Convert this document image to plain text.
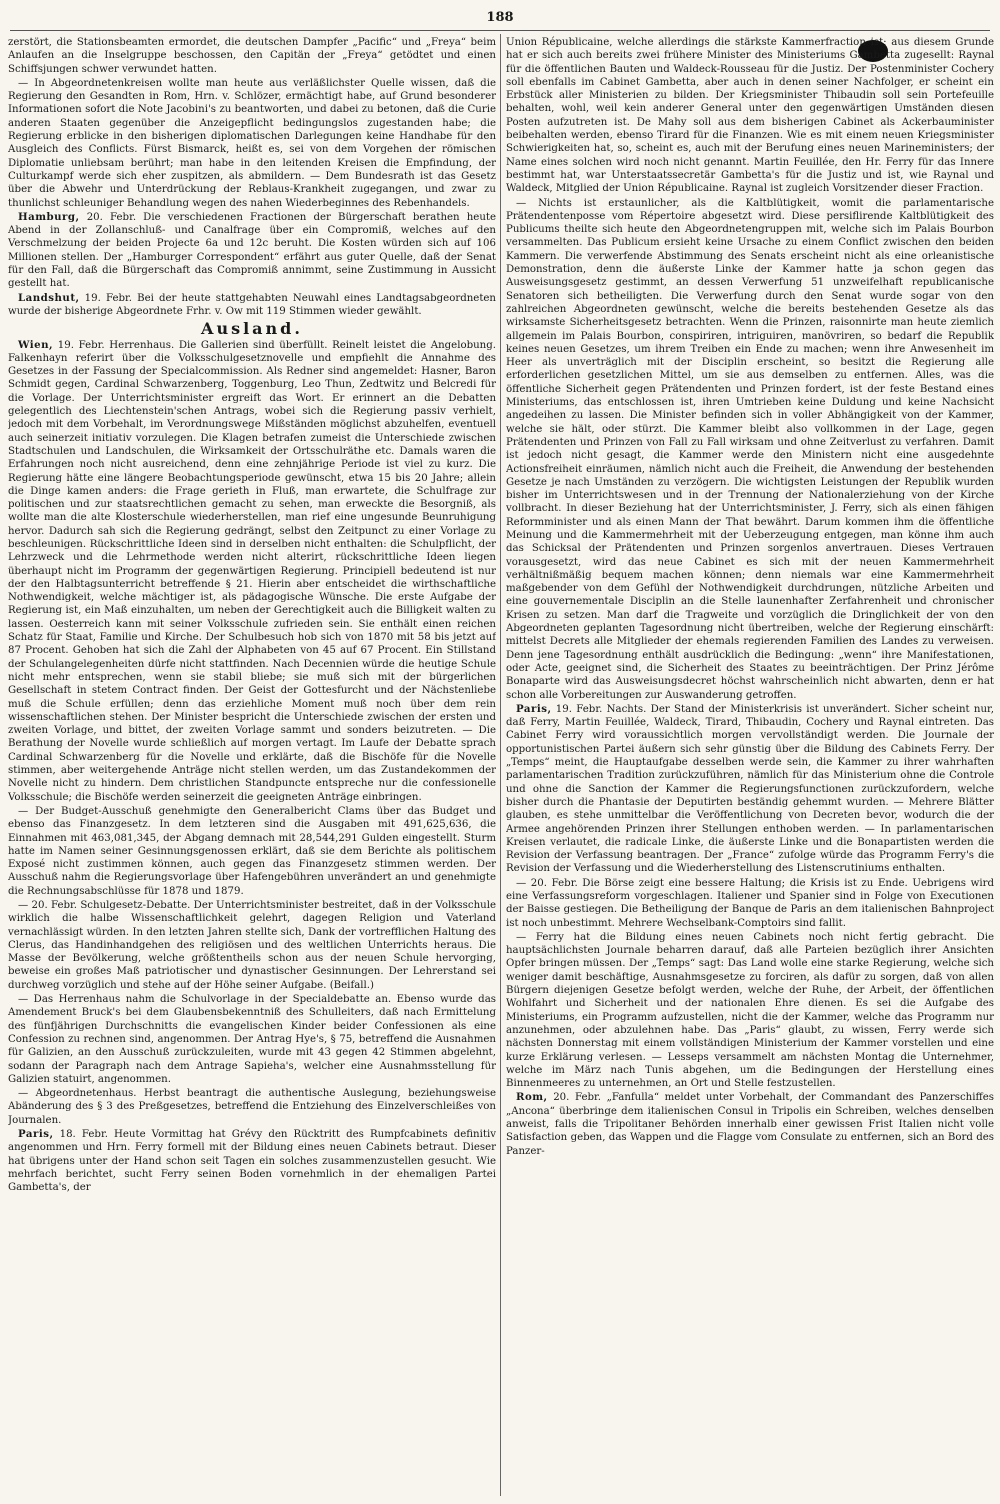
188

zerstört, die Stationsbeamten ermordet, die deutschen Dampfer „Pacific“ und „Freya“ beim Anlaufen an die Inselgruppe beschossen, den Capitän der „Freya“ getödtet und einen Schiffsjungen schwer verwundet hatten.

— In Abgeordnetenkreisen wollte man heute aus verläßlichster Quelle wissen, daß die Regierung den Gesandten in Rom, Hrn. v. Schlözer, ermächtigt habe, auf Grund besonderer Informationen sofort die Note Jacobini's zu beantworten, und dabei zu betonen, daß die Curie anderen Staaten gegenüber die Anzeigepflicht bedingungslos zugestanden habe; die Regierung erblicke in den bisherigen diplomatischen Darlegungen keine Handhabe für den Ausgleich des Conflicts. Fürst Bismarck, heißt es, sei von dem Vorgehen der römischen Diplomatie unliebsam berührt; man habe in den leitenden Kreisen die Empfindung, der Culturkampf werde sich eher zuspitzen, als abmildern. — Dem Bundesrath ist das Gesetz über die Abwehr und Unterdrückung der Reblaus-Krankheit zugegangen, und zwar zu thunlichst schleuniger Behandlung wegen des nahen Wiederbeginnes des Rebenhandels.

Hamburg, 20. Febr. Die verschiedenen Fractionen der Bürgerschaft berathen heute Abend in der Zollanschluß- und Canalfrage über ein Compromiß, welches auf den Verschmelzung der beiden Projecte 6a und 12c beruht. Die Kosten würden sich auf 106 Millionen stellen. Der „Hamburger Correspondent“ erfährt aus guter Quelle, daß der Senat für den Fall, daß die Bürgerschaft das Compromiß annimmt, seine Zustimmung in Aussicht gestellt hat.

Landshut, 19. Febr. Bei der heute stattgehabten Neuwahl eines Landtagsabgeordneten wurde der bisherige Abgeordnete Frhr. v. Ow mit 119 Stimmen wieder gewählt.

Ausland.

Wien, 19. Febr. Herrenhaus. Die Gallerien sind überfüllt. Reinelt leistet die Angelobung. Falkenhayn referirt über die Volksschulgesetznovelle und empfiehlt die Annahme des Gesetzes in der Fassung der Specialcommission. Als Redner sind angemeldet: Hasner, Baron Schmidt gegen, Cardinal Schwarzenberg, Toggenburg, Leo Thun, Zedtwitz und Belcredi für die Vorlage. Der Unterrichtsminister ergreift das Wort. Er erinnert an die Debatten gelegentlich des Liechtenstein'schen Antrags, wobei sich die Regierung passiv verhielt, jedoch mit dem Vorbehalt, im Verordnungswege Mißständen möglichst abzuhelfen, eventuell auch seinerzeit initiativ vorzulegen. Die Klagen betrafen zumeist die Unterschiede zwischen Stadtschulen und Landschulen, die Wirksamkeit der Ortsschulräthe etc. Damals waren die Erfahrungen noch nicht ausreichend, denn eine zehnjährige Periode ist viel zu kurz. Die Regierung hätte eine längere Beobachtungsperiode gewünscht, etwa 15 bis 20 Jahre; allein die Dinge kamen anders: die Frage gerieth in Fluß, man erwartete, die Schulfrage zur politischen und zur staatsrechtlichen gemacht zu sehen, man erweckte die Besorgniß, als wollte man die alte Klosterschule wiederherstellen, man rief eine ungesunde Beunruhigung hervor. Dadurch sah sich die Regierung gedrängt, selbst den Zeitpunct zu einer Vorlage zu beschleunigen. Rückschrittliche Ideen sind in derselben nicht enthalten: die Schulpflicht, der Lehrzweck und die Lehrmethode werden nicht alterirt, rückschrittliche Ideen liegen überhaupt nicht im Programm der gegenwärtigen Regierung. Principiell bedeutend ist nur der den Halbtagsunterricht betreffende § 21. Hierin aber entscheidet die wirthschaftliche Nothwendigkeit, welche mächtiger ist, als pädagogische Wünsche. Die erste Aufgabe der Regierung ist, ein Maß einzuhalten, um neben der Gerechtigkeit auch die Billigkeit walten zu lassen. Oesterreich kann mit seiner Volksschule zufrieden sein. Sie enthält einen reichen Schatz für Staat, Familie und Kirche. Der Schulbesuch hob sich von 1870 mit 58 bis jetzt auf 87 Procent. Gehoben hat sich die Zahl der Alphabeten von 45 auf 67 Procent. Ein Stillstand der Schulangelegenheiten dürfe nicht stattfinden. Nach Decennien würde die heutige Schule nicht mehr entsprechen, wenn sie stabil bliebe; sie muß sich mit der bürgerlichen Gesellschaft in stetem Contract finden. Der Geist der Gottesfurcht und der Nächstenliebe muß die Schule erfüllen; denn das erziehliche Moment muß noch über dem rein wissenschaftlichen stehen. Der Minister bespricht die Unterschiede zwischen der ersten und zweiten Vorlage, und bittet, der zweiten Vorlage sammt und sonders beizutreten. — Die Berathung der Novelle wurde schließlich auf morgen vertagt. Im Laufe der Debatte sprach Cardinal Schwarzenberg für die Novelle und erklärte, daß die Bischöfe für die Novelle stimmen, aber weitergehende Anträge nicht stellen werden, um das Zustandekommen der Novelle nicht zu hindern. Dem christlichen Standpuncte entspreche nur die confessionelle Volksschule; die Bischöfe werden seinerzeit die geeigneten Anträge einbringen.

— Der Budget-Ausschuß genehmigte den Generalbericht Clams über das Budget und ebenso das Finanzgesetz. In dem letzteren sind die Ausgaben mit 491,625,636, die Einnahmen mit 463,081,345, der Abgang demnach mit 28,544,291 Gulden eingestellt. Sturm hatte im Namen seiner Gesinnungsgenossen erklärt, daß sie dem Berichte als politischem Exposé nicht zustimmen können, auch gegen das Finanzgesetz stimmen werden. Der Ausschuß nahm die Regierungsvorlage über Hafengebühren unverändert an und genehmigte die Rechnungsabschlüsse für 1878 und 1879.

— 20. Febr. Schulgesetz-Debatte. Der Unterrichtsminister bestreitet, daß in der Volksschule wirklich die halbe Wissenschaftlichkeit gelehrt, dagegen Religion und Vaterland vernachlässigt würden. In den letzten Jahren stellte sich, Dank der vortrefflichen Haltung des Clerus, das Handinhandgehen des religiösen und des weltlichen Unterrichts heraus. Die Masse der Bevölkerung, welche größtentheils schon aus der neuen Schule hervorging, beweise ein großes Maß patriotischer und dynastischer Gesinnungen. Der Lehrerstand sei durchweg vorzüglich und stehe auf der Höhe seiner Aufgabe. (Beifall.)

— Das Herrenhaus nahm die Schulvorlage in der Specialdebatte an. Ebenso wurde das Amendement Bruck's bei dem Glaubensbekenntniß des Schulleiters, daß nach Ermittelung des fünfjährigen Durchschnitts die evangelischen Kinder beider Confessionen als eine Confession zu rechnen sind, angenommen. Der Antrag Hye's, § 75, betreffend die Ausnahmen für Galizien, an den Ausschuß zurückzuleiten, wurde mit 43 gegen 42 Stimmen abgelehnt, sodann der Paragraph nach dem Antrage Sapieha's, welcher eine Ausnahmsstellung für Galizien statuirt, angenommen.

— Abgeordnetenhaus. Herbst beantragt die authentische Auslegung, beziehungsweise Abänderung des § 3 des Preßgesetzes, betreffend die Entziehung des Einzelverschleißes von Journalen.

Paris, 18. Febr. Heute Vormittag hat Grévy den Rücktritt des Rumpfcabinets definitiv angenommen und Hrn. Ferry formell mit der Bildung eines neuen Cabinets betraut. Dieser hat übrigens unter der Hand schon seit Tagen ein solches zusammenzustellen gesucht. Wie mehrfach berichtet, sucht Ferry seinen Boden vornehmlich in der ehemaligen Partei Gambetta's, der

Union Républicaine, welche allerdings die stärkste Kammerfraction ist; aus diesem Grunde hat er sich auch bereits zwei frühere Minister des Ministeriums Gambetta zugesellt: Raynal für die öffentlichen Bauten und Waldeck-Rousseau für die Justiz. Der Postenminister Cochery soll ebenfalls im Cabinet Gambetta, aber auch in denen seiner Nachfolger, er scheint ein Erbstück aller Ministerien zu bilden. Der Kriegsminister Thibaudin soll sein Portefeuille behalten, wohl, weil kein anderer General unter den gegenwärtigen Umständen diesen Posten aufzutreten ist. De Mahy soll aus dem bisherigen Cabinet als Ackerbauminister beibehalten werden, ebenso Tirard für die Finanzen. Wie es mit einem neuen Kriegsminister Schwierigkeiten hat, so, scheint es, auch mit der Berufung eines neuen Marineministers; der Name eines solchen wird noch nicht genannt. Martin Feuillée, den Hr. Ferry für das Innere bestimmt hat, war Unterstaatssecretär Gambetta's für die Justiz und ist, wie Raynal und Waldeck, Mitglied der Union Républicaine. Raynal ist zugleich Vorsitzender dieser Fraction.

— Nichts ist erstaunlicher, als die Kaltblütigkeit, womit die parlamentarische Prätendentenposse vom Répertoire abgesetzt wird. Diese persiflirende Kaltblütigkeit des Publicums theilte sich heute den Abgeordnetengruppen mit, welche sich im Palais Bourbon versammelten. Das Publicum ersieht keine Ursache zu einem Conflict zwischen den beiden Kammern. Die verwerfende Abstimmung des Senats erscheint nicht als eine orleanistische Demonstration, denn die äußerste Linke der Kammer hatte ja schon gegen das Ausweisungsgesetz gestimmt, an dessen Verwerfung 51 unzweifelhaft republicanische Senatoren sich betheiligten. Die Verwerfung durch den Senat wurde sogar von den zahlreichen Abgeordneten gewünscht, welche die bereits bestehenden Gesetze als das wirksamste Sicherheitsgesetz betrachten. Wenn die Prinzen, raisonnirte man heute ziemlich allgemein im Palais Bourbon, conspiriren, intriguiren, manövriren, so bedarf die Republik keines neuen Gesetzes, um ihrem Treiben ein Ende zu machen; wenn ihre Anwesenheit im Heer als unverträglich mit der Disciplin erscheint, so besitzt die Regierung alle erforderlichen gesetzlichen Mittel, um sie aus demselben zu entfernen. Alles, was die öffentliche Sicherheit gegen Prätendenten und Prinzen fordert, ist der feste Bestand eines Ministeriums, das entschlossen ist, ihren Umtrieben keine Duldung und keine Nachsicht angedeihen zu lassen. Die Minister befinden sich in voller Abhängigkeit von der Kammer, welche sie hält, oder stürzt. Die Kammer bleibt also vollkommen in der Lage, gegen Prätendenten und Prinzen von Fall zu Fall wirksam und ohne Zeitverlust zu verfahren. Damit ist jedoch nicht gesagt, die Kammer werde den Ministern nicht eine ausgedehnte Actionsfreiheit einräumen, nämlich nicht auch die Freiheit, die Anwendung der bestehenden Gesetze je nach Umständen zu verzögern. Die wichtigsten Leistungen der Republik wurden bisher im Unterrichtswesen und in der Trennung der Nationalerziehung von der Kirche vollbracht. In dieser Beziehung hat der Unterrichtsminister, J. Ferry, sich als einen fähigen Reformminister und als einen Mann der That bewährt. Darum kommen ihm die öffentliche Meinung und die Kammermehrheit mit der Ueberzeugung entgegen, man könne ihm auch das Schicksal der Prätendenten und Prinzen sorgenlos anvertrauen. Dieses Vertrauen vorausgesetzt, wird das neue Cabinet es sich mit der neuen Kammermehrheit verhältnißmäßig bequem machen können; denn niemals war eine Kammermehrheit maßgebender von dem Gefühl der Nothwendigkeit durchdrungen, nützliche Arbeiten und eine gouvernementale Disciplin an die Stelle launenhafter Zerfahrenheit und chronischer Krisen zu setzen. Man darf die Tragweite und vorzüglich die Dringlichkeit der von den Abgeordneten geplanten Tagesordnung nicht übertreiben, welche der Regierung einschärft: mittelst Decrets alle Mitglieder der ehemals regierenden Familien des Landes zu verweisen. Denn jene Tagesordnung enthält ausdrücklich die Bedingung: „wenn“ ihre Manifestationen, oder Acte, geeignet sind, die Sicherheit des Staates zu beeinträchtigen. Der Prinz Jérôme Bonaparte wird das Ausweisungsdecret höchst wahrscheinlich nicht abwarten, denn er hat schon alle Vorbereitungen zur Auswanderung getroffen.

Paris, 19. Febr. Nachts. Der Stand der Ministerkrisis ist unverändert. Sicher scheint nur, daß Ferry, Martin Feuillée, Waldeck, Tirard, Thibaudin, Cochery und Raynal eintreten. Das Cabinet Ferry wird voraussichtlich morgen vervollständigt werden. Die Journale der opportunistischen Partei äußern sich sehr günstig über die Bildung des Cabinets Ferry. Der „Temps“ meint, die Hauptaufgabe desselben werde sein, die Kammer zu ihrer wahrhaften parlamentarischen Tradition zurückzuführen, nämlich für das Ministerium ohne die Controle und ohne die Sanction der Kammer die Regierungsfunctionen zurückzufordern, welche bisher durch die Phantasie der Deputirten beständig gehemmt wurden. — Mehrere Blätter glauben, es stehe unmittelbar die Veröffentlichung von Decreten bevor, wodurch die der Armee angehörenden Prinzen ihrer Stellungen enthoben werden. — In parlamentarischen Kreisen verlautet, die radicale Linke, die äußerste Linke und die Bonapartisten werden die Revision der Verfassung beantragen. Der „France“ zufolge würde das Programm Ferry's die Revision der Verfassung und die Wiederherstellung des Listenscrutiniums enthalten.

— 20. Febr. Die Börse zeigt eine bessere Haltung; die Krisis ist zu Ende. Uebrigens wird eine Verfassungsreform vorgeschlagen. Italiener und Spanier sind in Folge von Executionen der Baisse gestiegen. Die Betheiligung der Banque de Paris an dem italienischen Bahnproject ist noch unbestimmt. Mehrere Wechselbank-Comptoirs sind fallit.

— Ferry hat die Bildung eines neuen Cabinets noch nicht fertig gebracht. Die hauptsächlichsten Journale beharren darauf, daß alle Parteien bezüglich ihrer Ansichten Opfer bringen müssen. Der „Temps“ sagt: Das Land wolle eine starke Regierung, welche sich weniger damit beschäftige, Ausnahmsgesetze zu forciren, als dafür zu sorgen, daß von allen Bürgern diejenigen Gesetze befolgt werden, welche der Ruhe, der Arbeit, der öffentlichen Wohlfahrt und Sicherheit und der nationalen Ehre dienen. Es sei die Aufgabe des Ministeriums, ein Programm aufzustellen, nicht die der Kammer, welche das Programm nur anzunehmen, oder abzulehnen habe. Das „Paris“ glaubt, zu wissen, Ferry werde sich nächsten Donnerstag mit einem vollständigen Ministerium der Kammer vorstellen und eine kurze Erklärung verlesen. — Lesseps versammelt am nächsten Montag die Unternehmer, welche im März nach Tunis abgehen, um die Bedingungen der Herstellung eines Binnenmeeres zu unternehmen, an Ort und Stelle festzustellen.

Rom, 20. Febr. „Fanfulla“ meldet unter Vorbehalt, der Commandant des Panzerschiffes „Ancona“ überbringe dem italienischen Consul in Tripolis ein Schreiben, welches denselben anweist, falls die Tripolitaner Behörden innerhalb einer gewissen Frist Italien nicht volle Satisfaction geben, das Wappen und die Flagge vom Consulate zu entfernen, sich an Bord des Panzer-
